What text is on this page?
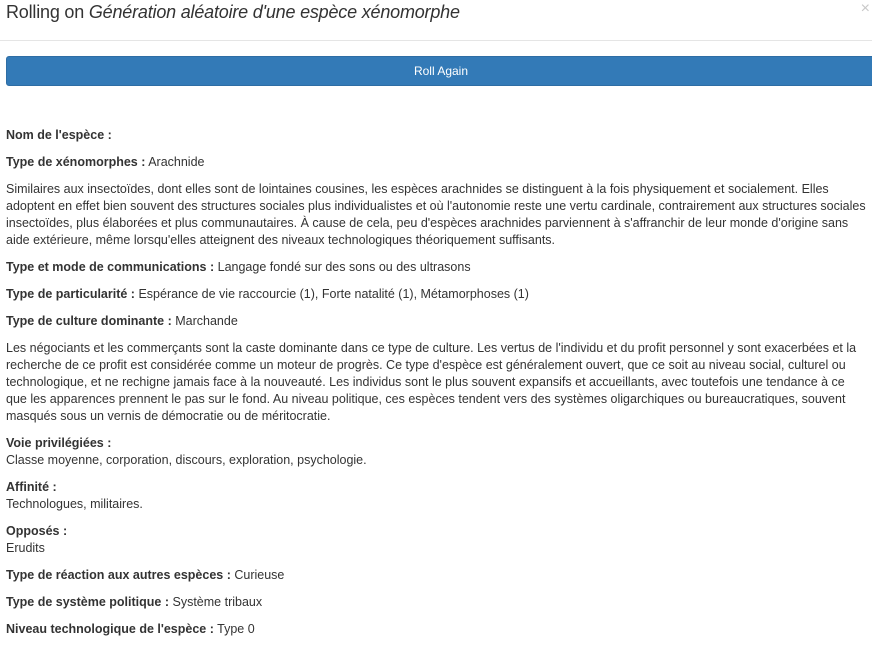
Rolling on Génération aléatoire d'une espèce xénomorphe	×
Roll Again

Nom de l'espèce :

Type de xénomorphes : Arachnide

Similaires aux insectoïdes, dont elles sont de lointaines cousines, les espèces arachnides se distinguent à la fois physiquement et socialement. Elles adoptent en effet bien souvent des structures sociales plus individualistes et où l'autonomie reste une vertu cardinale, contrairement aux structures sociales insectoïdes, plus élaborées et plus communautaires. À cause de cela, peu d'espèces arachnides parviennent à s'affranchir de leur monde d'origine sans aide extérieure, même lorsqu'elles atteignent des niveaux technologiques théoriquement suffisants.

Type et mode de communications : Langage fondé sur des sons ou des ultrasons

Type de particularité : Espérance de vie raccourcie (1), Forte natalité (1), Métamorphoses (1)

Type de culture dominante : Marchande

Les négociants et les commerçants sont la caste dominante dans ce type de culture. Les vertus de l'individu et du profit personnel y sont exacerbées et la recherche de ce profit est considérée comme un moteur de progrès. Ce type d'espèce est généralement ouvert, que ce soit au niveau social, culturel ou technologique, et ne rechigne jamais face à la nouveauté. Les individus sont le plus souvent expansifs et accueillants, avec toutefois une tendance à ce que les apparences prennent le pas sur le fond. Au niveau politique, ces espèces tendent vers des systèmes oligarchiques ou bureaucratiques, souvent masqués sous un vernis de démocratie ou de méritocratie.
Voie privilégiées :
Classe moyenne, corporation, discours, exploration, psychologie.
Affinité :
Technologues, militaires.
Opposés :
Erudits

Type de réaction aux autres espèces : Curieuse

Type de système politique : Système tribaux

Niveau technologique de l'espèce : Type 0
